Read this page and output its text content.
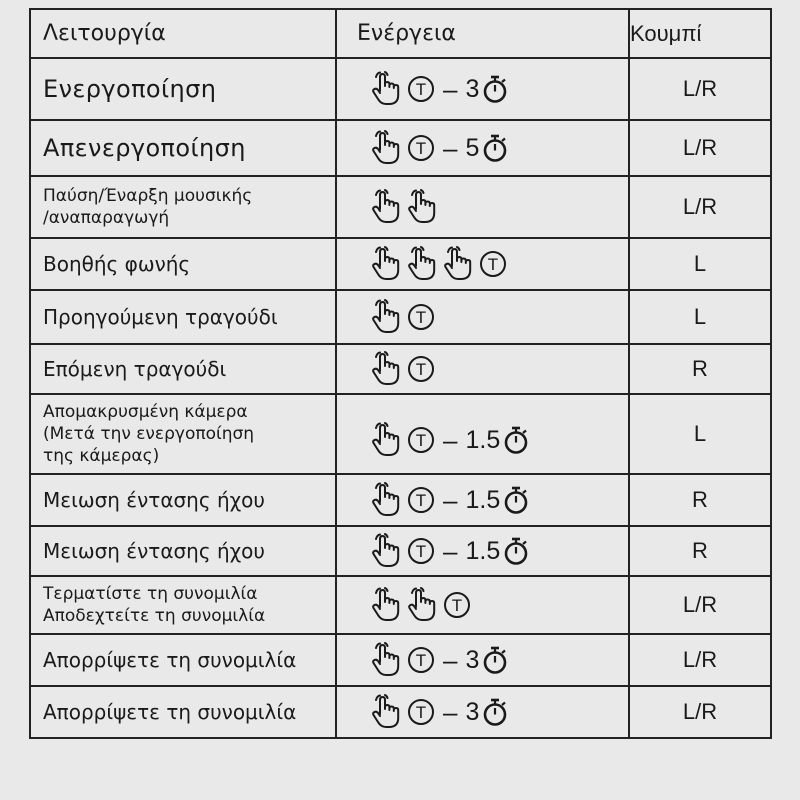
Λειτουργία	Ενέργεια	Κουμπί

Ενεργοποίηση	T – 3	L/R

Απενεργοποίηση	T – 5	L/R

Παύση/Έναρξη μουσικής
/αναπαραγωγή		L/R

Βοηθής φωνής	T	L

Προηγούμενη τραγούδι	T	L

Επόμενη τραγούδι	T	R

Απομακρυσμένη κάμερα
(Μετά την ενεργοποίηση
της κάμερας)	T – 1.5	L

Μειωση έντασης ήχου	T – 1.5	R

Μειωση έντασης ήχου	T – 1.5	R

Τερματίστε τη συνομιλία
Αποδεχτείτε τη συνομιλία	T	L/R

Απορρίψετε τη συνομιλία	T – 3	L/R

Απορρίψετε τη συνομιλία	T – 3	L/R
